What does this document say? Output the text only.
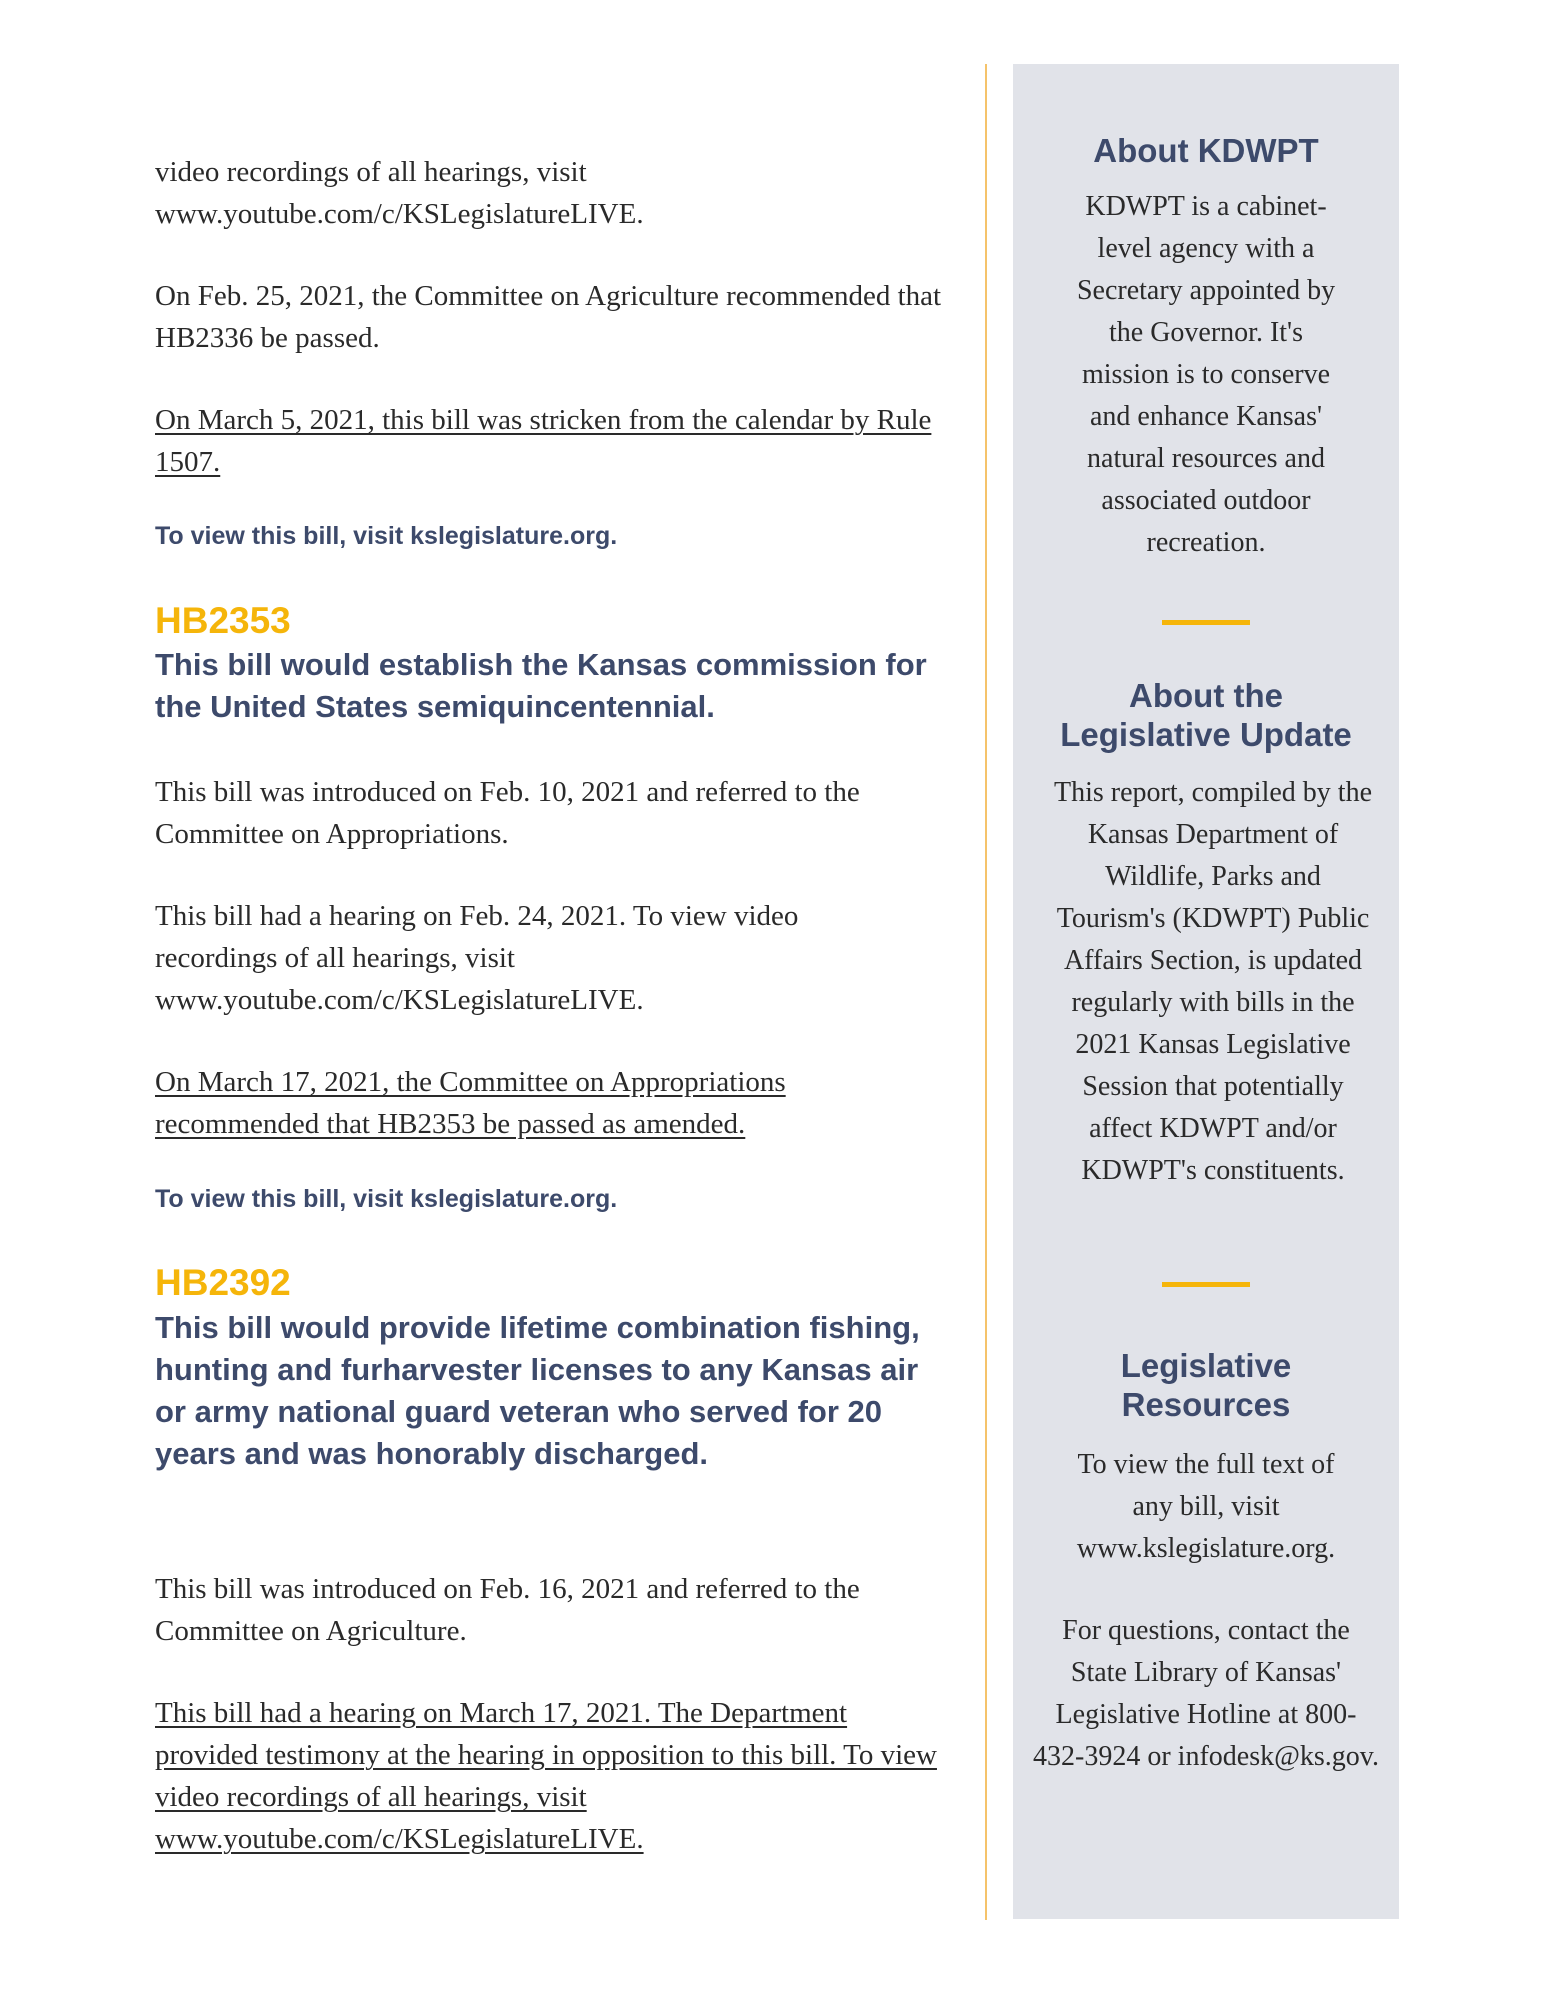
video recordings of all hearings, visit www.youtube.com/c/KSLegislatureLIVE.

On Feb. 25, 2021, the Committee on Agriculture recommended that HB2336 be passed.

On March 5, 2021, this bill was stricken from the calendar by Rule 1507.

To view this bill, visit kslegislature.org.

HB2353

This bill would establish the Kansas commission for the United States semiquincentennial.

This bill was introduced on Feb. 10, 2021 and referred to the Committee on Appropriations.

This bill had a hearing on Feb. 24, 2021. To view video recordings of all hearings, visit www.youtube.com/c/KSLegislatureLIVE.

On March 17, 2021, the Committee on Appropriations recommended that HB2353 be passed as amended.

To view this bill, visit kslegislature.org.

HB2392

This bill would provide lifetime combination fishing, hunting and furharvester licenses to any Kansas air or army national guard veteran who served for 20 years and was honorably discharged.

This bill was introduced on Feb. 16, 2021 and referred to the Committee on Agriculture.

This bill had a hearing on March 17, 2021. The Department provided testimony at the hearing in opposition to this bill. To view video recordings of all hearings, visit www.youtube.com/c/KSLegislatureLIVE.

About KDWPT

KDWPT is a cabinet-level agency with a Secretary appointed by the Governor. It's mission is to conserve and enhance Kansas' natural resources and associated outdoor recreation.

About the Legislative Update

This report, compiled by the Kansas Department of Wildlife, Parks and Tourism's (KDWPT) Public Affairs Section, is updated regularly with bills in the 2021 Kansas Legislative Session that potentially affect KDWPT and/or KDWPT's constituents.

Legislative Resources

To view the full text of any bill, visit www.kslegislature.org.

For questions, contact the State Library of Kansas' Legislative Hotline at 800-432-3924 or infodesk@ks.gov.
